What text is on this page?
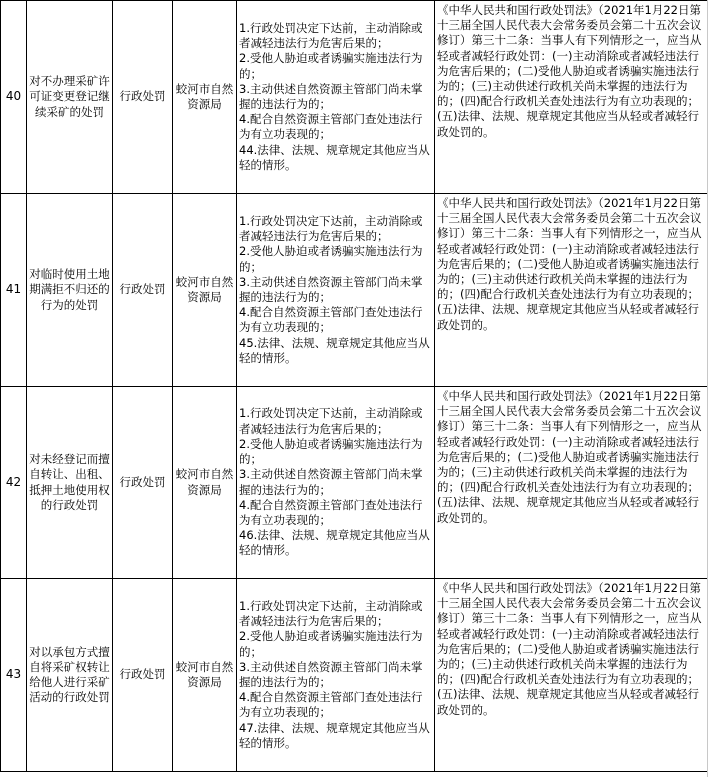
40	对不办理采矿许可证变更登记继续采矿的处罚	行政处罚	蛟河市自然资源局	1.行政处罚决定下达前，主动消除或者减轻违法行为危害后果的；
2.受他人胁迫或者诱骗实施违法行为的；
3.主动供述自然资源主管部门尚未掌握的违法行为的；
4.配合自然资源主管部门查处违法行为有立功表现的；
44.法律、法规、规章规定其他应当从轻的情形。	《中华人民共和国行政处罚法》（2021年1月22日第十三届全国人民代表大会常务委员会第二十五次会议修订）第三十二条：当事人有下列情形之一，应当从轻或者减轻行政处罚：(一)主动消除或者减轻违法行为危害后果的；(二)受他人胁迫或者诱骗实施违法行为的；(三)主动供述行政机关尚未掌握的违法行为的；(四)配合行政机关查处违法行为有立功表现的；(五)法律、法规、规章规定其他应当从轻或者减轻行政处罚的。
41	对临时使用土地期满拒不归还的行为的处罚	行政处罚	蛟河市自然资源局	1.行政处罚决定下达前，主动消除或者减轻违法行为危害后果的；
2.受他人胁迫或者诱骗实施违法行为的；
3.主动供述自然资源主管部门尚未掌握的违法行为的；
4.配合自然资源主管部门查处违法行为有立功表现的；
45.法律、法规、规章规定其他应当从轻的情形。	《中华人民共和国行政处罚法》（2021年1月22日第十三届全国人民代表大会常务委员会第二十五次会议修订）第三十二条：当事人有下列情形之一，应当从轻或者减轻行政处罚：(一)主动消除或者减轻违法行为危害后果的；(二)受他人胁迫或者诱骗实施违法行为的；(三)主动供述行政机关尚未掌握的违法行为的；(四)配合行政机关查处违法行为有立功表现的；(五)法律、法规、规章规定其他应当从轻或者减轻行政处罚的。
42	对未经登记而擅自转让、出租、抵押土地使用权的行政处罚	行政处罚	蛟河市自然资源局	1.行政处罚决定下达前，主动消除或者减轻违法行为危害后果的；
2.受他人胁迫或者诱骗实施违法行为的；
3.主动供述自然资源主管部门尚未掌握的违法行为的；
4.配合自然资源主管部门查处违法行为有立功表现的；
46.法律、法规、规章规定其他应当从轻的情形。	《中华人民共和国行政处罚法》（2021年1月22日第十三届全国人民代表大会常务委员会第二十五次会议修订）第三十二条：当事人有下列情形之一，应当从轻或者减轻行政处罚：(一)主动消除或者减轻违法行为危害后果的；(二)受他人胁迫或者诱骗实施违法行为的；(三)主动供述行政机关尚未掌握的违法行为的；(四)配合行政机关查处违法行为有立功表现的；(五)法律、法规、规章规定其他应当从轻或者减轻行政处罚的。
43	对以承包方式擅自将采矿权转让给他人进行采矿活动的行政处罚	行政处罚	蛟河市自然资源局	1.行政处罚决定下达前，主动消除或者减轻违法行为危害后果的；
2.受他人胁迫或者诱骗实施违法行为的；
3.主动供述自然资源主管部门尚未掌握的违法行为的；
4.配合自然资源主管部门查处违法行为有立功表现的；
47.法律、法规、规章规定其他应当从轻的情形。	《中华人民共和国行政处罚法》（2021年1月22日第十三届全国人民代表大会常务委员会第二十五次会议修订）第三十二条：当事人有下列情形之一，应当从轻或者减轻行政处罚：(一)主动消除或者减轻违法行为危害后果的；(二)受他人胁迫或者诱骗实施违法行为的；(三)主动供述行政机关尚未掌握的违法行为的；(四)配合行政机关查处违法行为有立功表现的；(五)法律、法规、规章规定其他应当从轻或者减轻行政处罚的。
